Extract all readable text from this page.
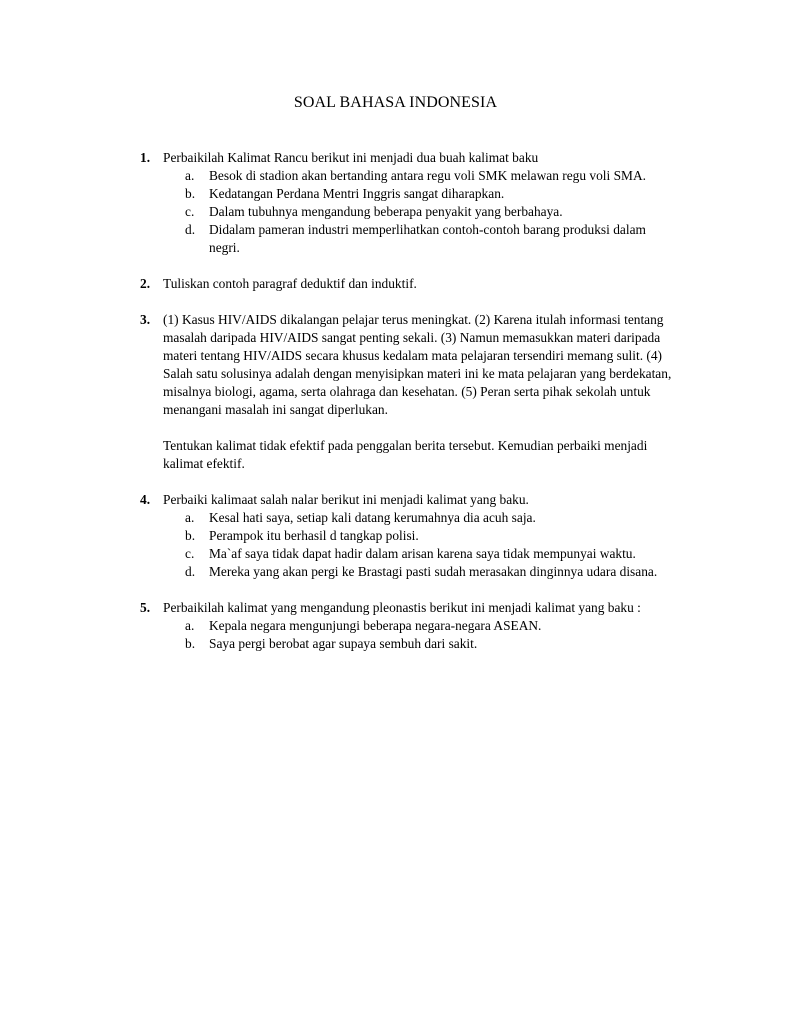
SOAL BAHASA INDONESIA
1. Perbaikilah Kalimat Rancu berikut ini menjadi dua buah kalimat baku
a. Besok di stadion akan bertanding antara regu voli SMK melawan regu voli SMA.
b. Kedatangan Perdana Mentri Inggris sangat diharapkan.
c. Dalam tubuhnya mengandung beberapa penyakit yang berbahaya.
d. Didalam pameran industri memperlihatkan contoh-contoh barang produksi dalam negri.
2. Tuliskan contoh paragraf deduktif dan induktif.
3. (1) Kasus HIV/AIDS dikalangan pelajar terus meningkat. (2) Karena itulah informasi tentang masalah daripada HIV/AIDS sangat penting sekali. (3) Namun memasukkan materi daripada materi tentang HIV/AIDS secara khusus kedalam mata pelajaran tersendiri memang sulit. (4) Salah satu solusinya adalah dengan menyisipkan materi ini ke mata pelajaran yang berdekatan, misalnya biologi, agama, serta olahraga dan kesehatan. (5) Peran serta pihak sekolah untuk menangani masalah ini sangat diperlukan.
Tentukan kalimat tidak efektif pada penggalan berita tersebut. Kemudian perbaiki menjadi kalimat efektif.
4. Perbaiki kalimaat salah nalar berikut ini menjadi kalimat yang baku.
a. Kesal hati saya, setiap kali datang kerumahnya dia acuh saja.
b. Perampok itu berhasil d tangkap polisi.
c. Ma`af saya tidak dapat hadir dalam arisan karena saya tidak mempunyai waktu.
d. Mereka yang akan pergi ke Brastagi pasti sudah merasakan dinginnya udara disana.
5. Perbaikilah kalimat yang mengandung pleonastis berikut ini menjadi kalimat yang baku :
a. Kepala negara mengunjungi beberapa negara-negara ASEAN.
b. Saya pergi berobat agar supaya sembuh dari sakit.
